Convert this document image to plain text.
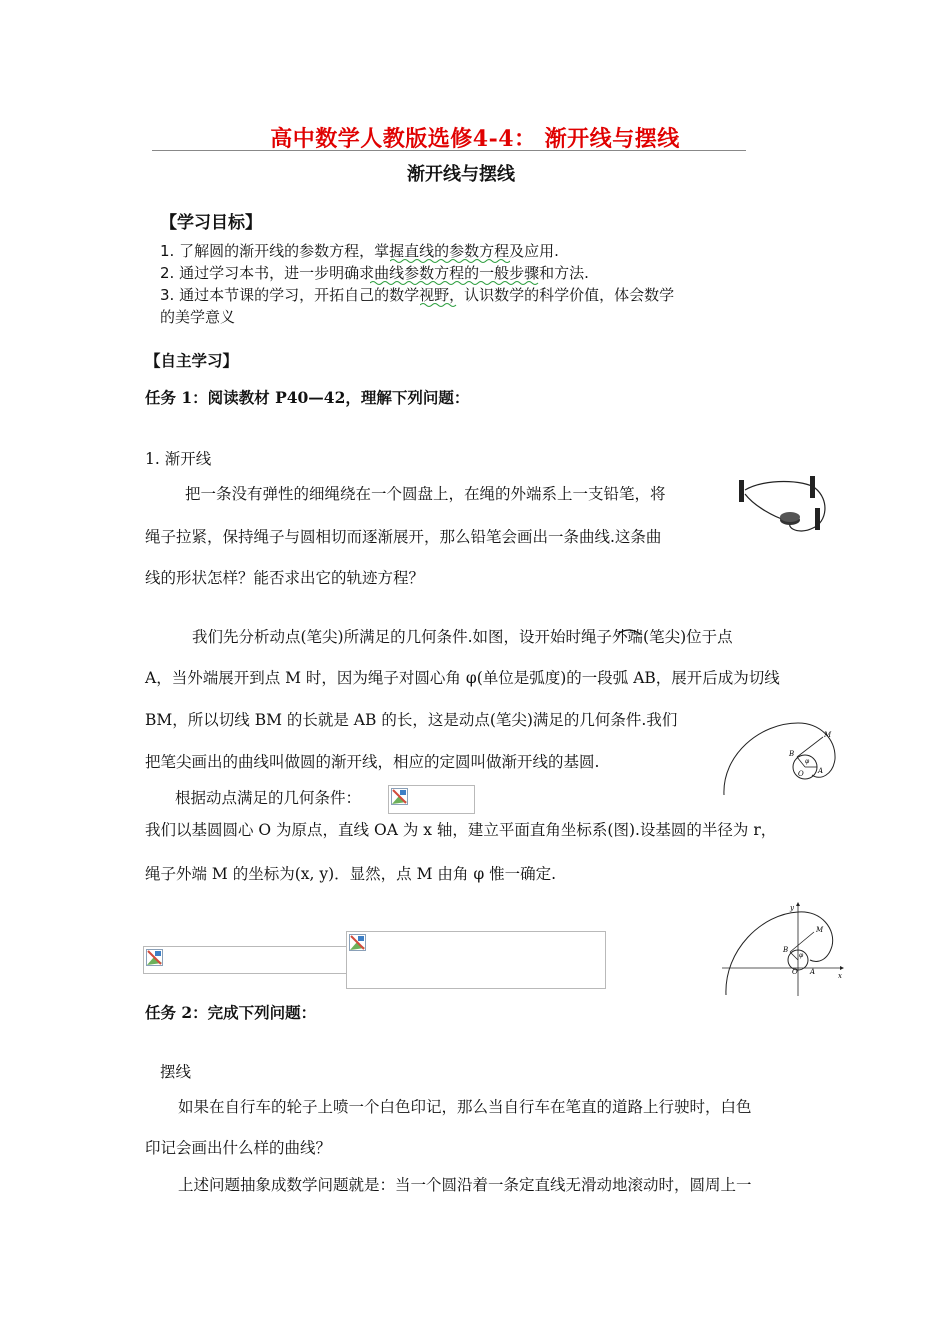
高中数学人教版选修4-4： 渐开线与摆线
渐开线与摆线
【学习目标】
1. 了解圆的渐开线的参数方程，掌握直线的参数方程及应用.
2. 通过学习本书，进一步明确求曲线参数方程的一般步骤和方法.
3. 通过本节课的学习，开拓自己的数学视野，认识数学的科学价值，体会数学
的美学意义
【自主学习】
任务 1：阅读教材 P40—42，理解下列问题：
1. 渐开线
把一条没有弹性的细绳绕在一个圆盘上，在绳的外端系上一支铅笔，将
绳子拉紧，保持绳子与圆相切而逐渐展开，那么铅笔会画出一条曲线.这条曲
线的形状怎样？能否求出它的轨迹方程？
我们先分析动点(笔尖)所满足的几何条件.如图，设开始时绳子外端(笔尖)位于点
A，当外端展开到点 M 时，因为绳子对圆心角 φ(单位是弧度)的一段弧 AB，展开后成为切线
BM，所以切线 BM 的长就是 AB 的长，这是动点(笔尖)满足的几何条件.我们
把笔尖画出的曲线叫做圆的渐开线，相应的定圆叫做渐开线的基圆.
M
B
O A
φ
根据动点满足的几何条件：
我们以基圆圆心 O 为原点，直线 OA 为 x 轴，建立平面直角坐标系(图).设基圆的半径为 r，
绳子外端 M 的坐标为(x, y)．显然，点 M 由角 φ 惟一确定.
x
y
M
B
O A
φ
任务 2：完成下列问题：
摆线
如果在自行车的轮子上喷一个白色印记，那么当自行车在笔直的道路上行驶时，白色
印记会画出什么样的曲线？
上述问题抽象成数学问题就是：当一个圆沿着一条定直线无滑动地滚动时，圆周上一
